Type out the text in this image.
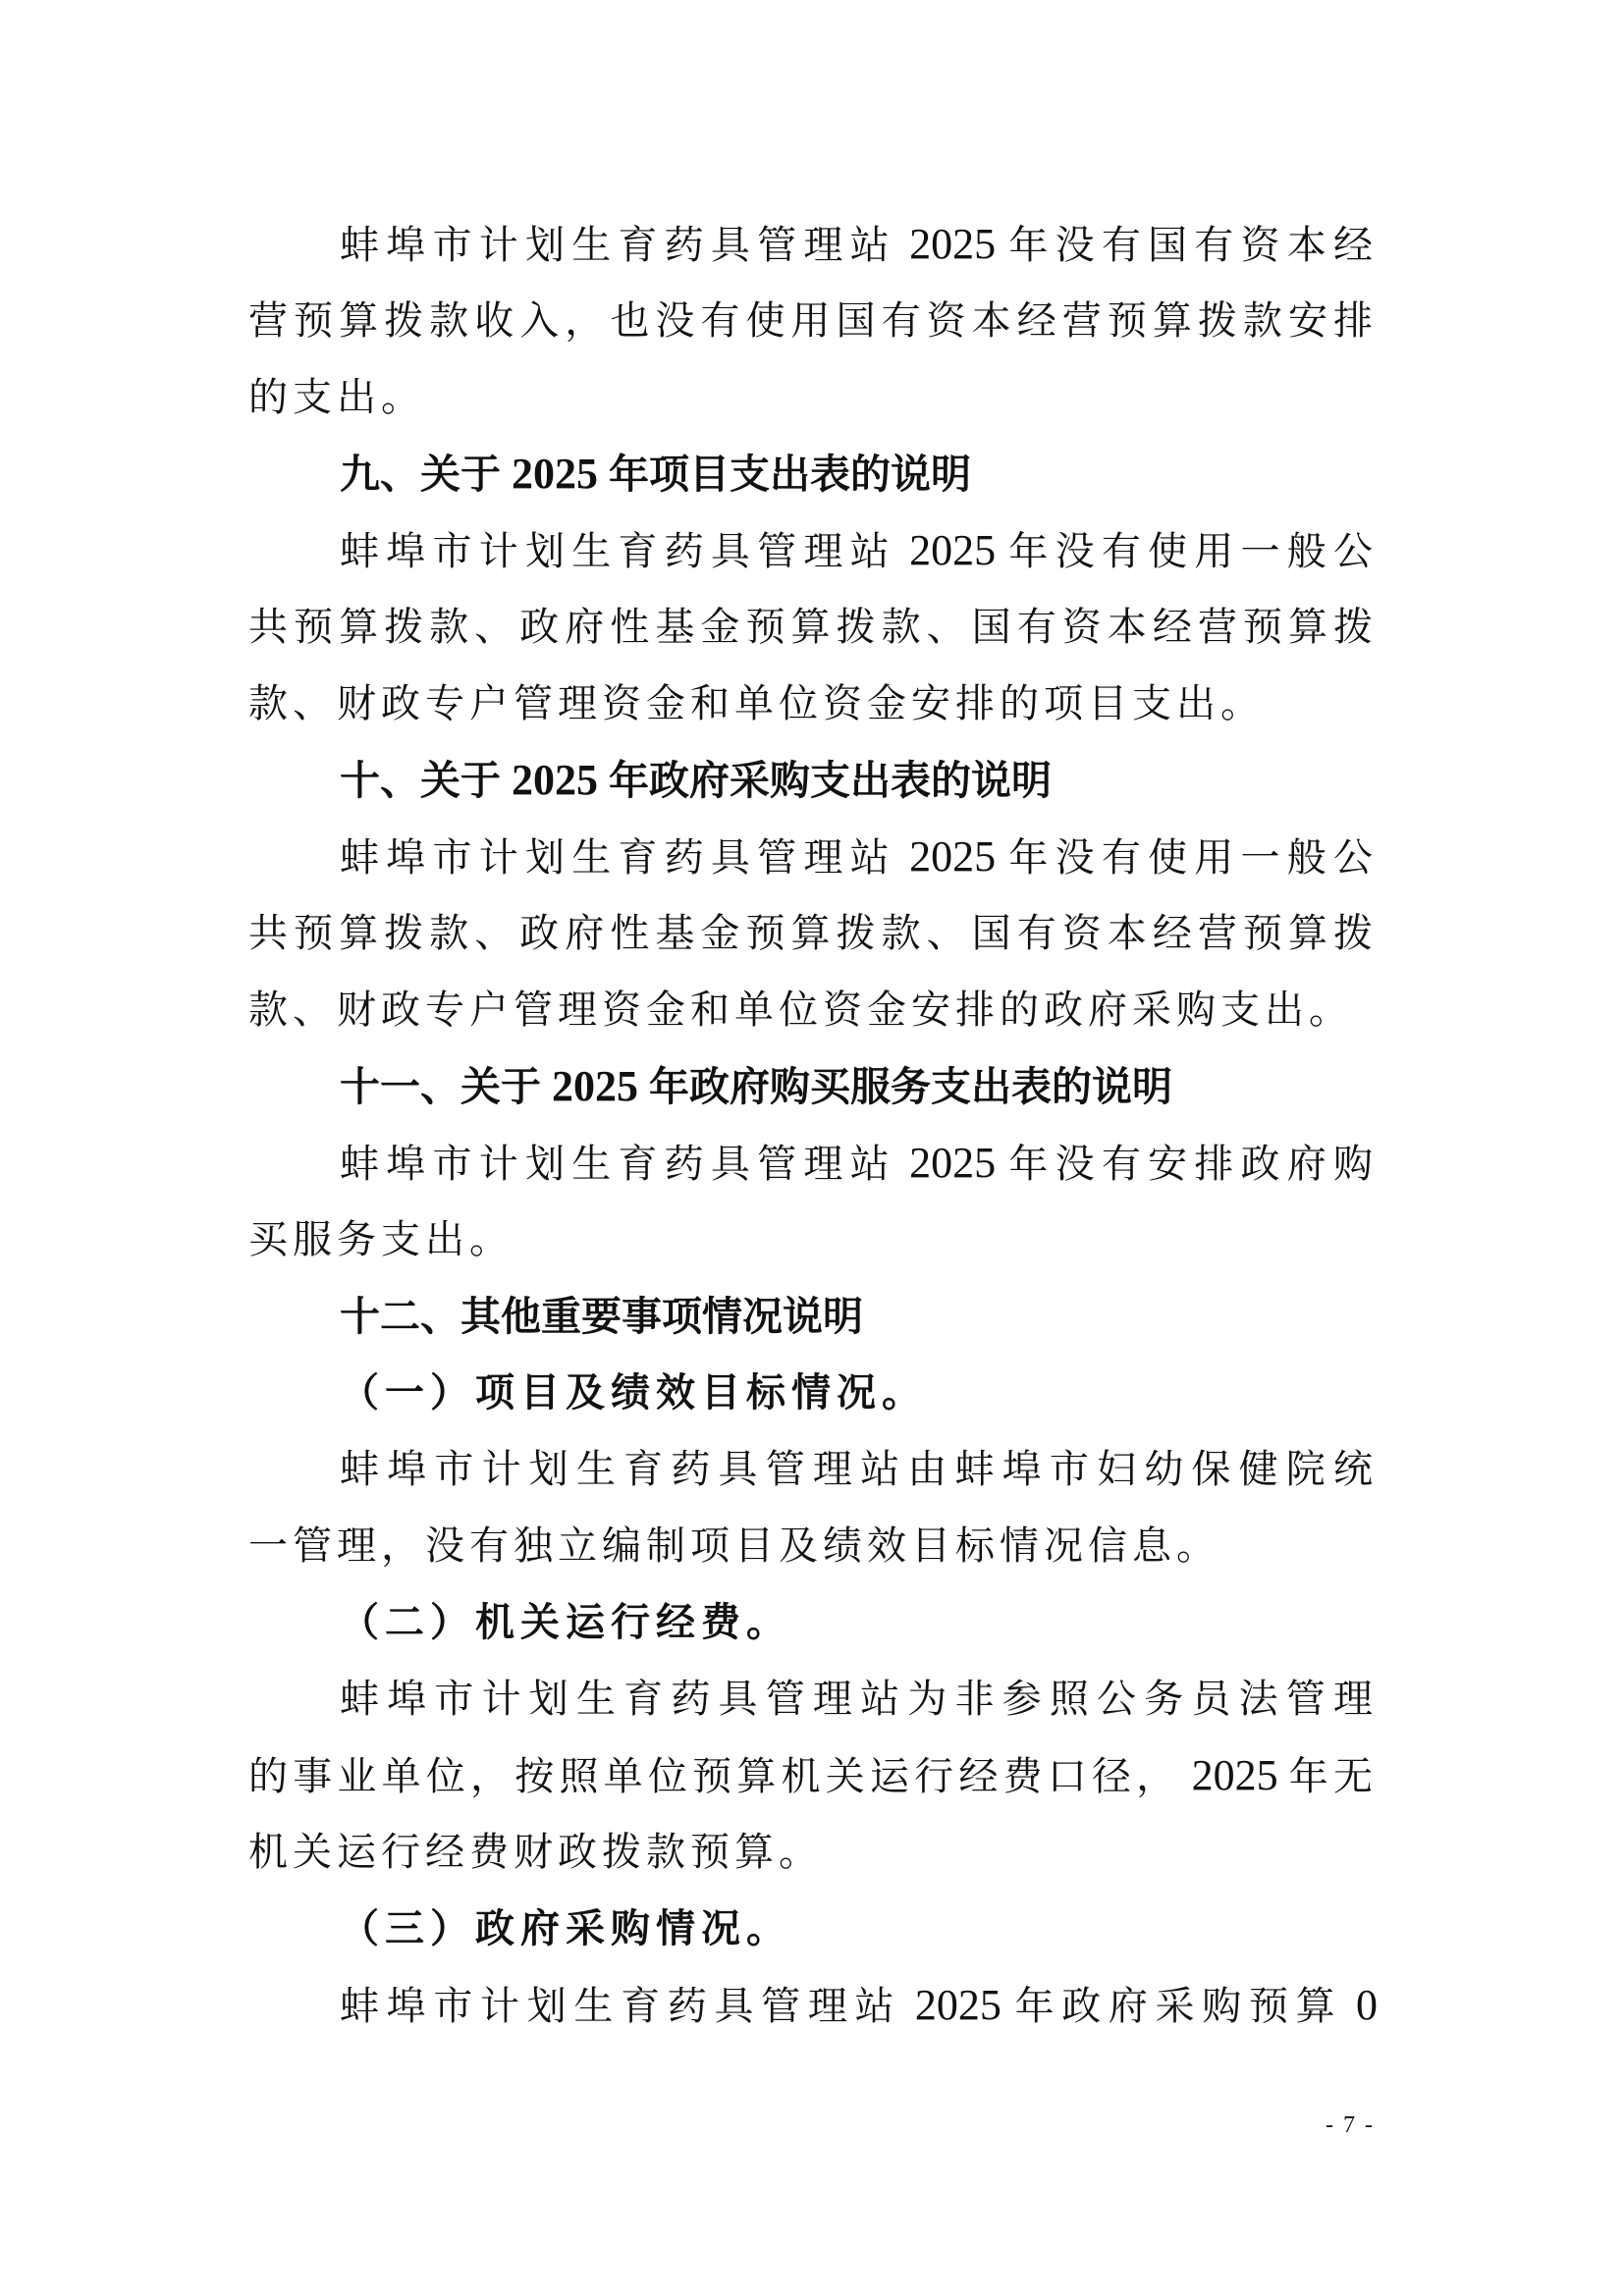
蚌埠市计划生育药具管理站 2025 年没有国有资本经
营预算拨款收入，也没有使用国有资本经营预算拨款安排
的支出。
九、关于 2025 年项目支出表的说明
蚌埠市计划生育药具管理站 2025 年没有使用一般公
共预算拨款、政府性基金预算拨款、国有资本经营预算拨
款、财政专户管理资金和单位资金安排的项目支出。
十、关于 2025 年政府采购支出表的说明
蚌埠市计划生育药具管理站 2025 年没有使用一般公
共预算拨款、政府性基金预算拨款、国有资本经营预算拨
款、财政专户管理资金和单位资金安排的政府采购支出。
十一、关于 2025 年政府购买服务支出表的说明
蚌埠市计划生育药具管理站 2025 年没有安排政府购
买服务支出。
十二、其他重要事项情况说明
（一）项目及绩效目标情况。
蚌埠市计划生育药具管理站由蚌埠市妇幼保健院统
一管理，没有独立编制项目及绩效目标情况信息。
（二）机关运行经费。
蚌埠市计划生育药具管理站为非参照公务员法管理
的事业单位，按照单位预算机关运行经费口径， 2025 年无
机关运行经费财政拨款预算。
（三）政府采购情况。
蚌埠市计划生育药具管理站 2025 年政府采购预算 0
- 7 -
